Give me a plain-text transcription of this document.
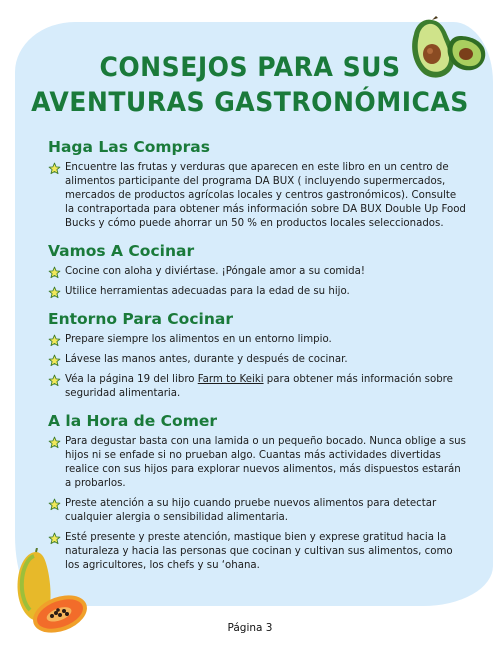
CONSEJOS PARA SUS
AVENTURAS GASTRONÓMICAS
Haga Las Compras

Encuentre las frutas y verduras que aparecen en este libro en un centro de alimentos participante del programa DA BUX ( incluyendo supermercados, mercados de productos agrícolas locales y centros gastronómicos). Consulte la contraportada para obtener más información sobre DA BUX Double Up Food Bucks y cómo puede ahorrar un 50 % en productos locales seleccionados.

Vamos A Cocinar

Cocine con aloha y diviértase. ¡Póngale amor a su comida!

Utilice herramientas adecuadas para la edad de su hijo.

Entorno Para Cocinar

Prepare siempre los alimentos en un entorno limpio.

Lávese las manos antes, durante y después de cocinar.

Véa la página 19 del libro Farm to Keiki para obtener más información sobre seguridad alimentaria.

A la Hora de Comer

Para degustar basta con una lamida o un pequeño bocado. Nunca oblige a sus hijos ni se enfade si no prueban algo. Cuantas más actividades divertidas realice con sus hijos para explorar nuevos alimentos, más dispuestos estarán a probarlos.

Preste atención a su hijo cuando pruebe nuevos alimentos para detectar cualquier alergia o sensibilidad alimentaria.

Esté presente y preste atención, mastique bien y exprese gratitud hacia la naturaleza y hacia las personas que cocinan y cultivan sus alimentos, como los agricultores, los chefs y su ‘ohana.

Página 3
